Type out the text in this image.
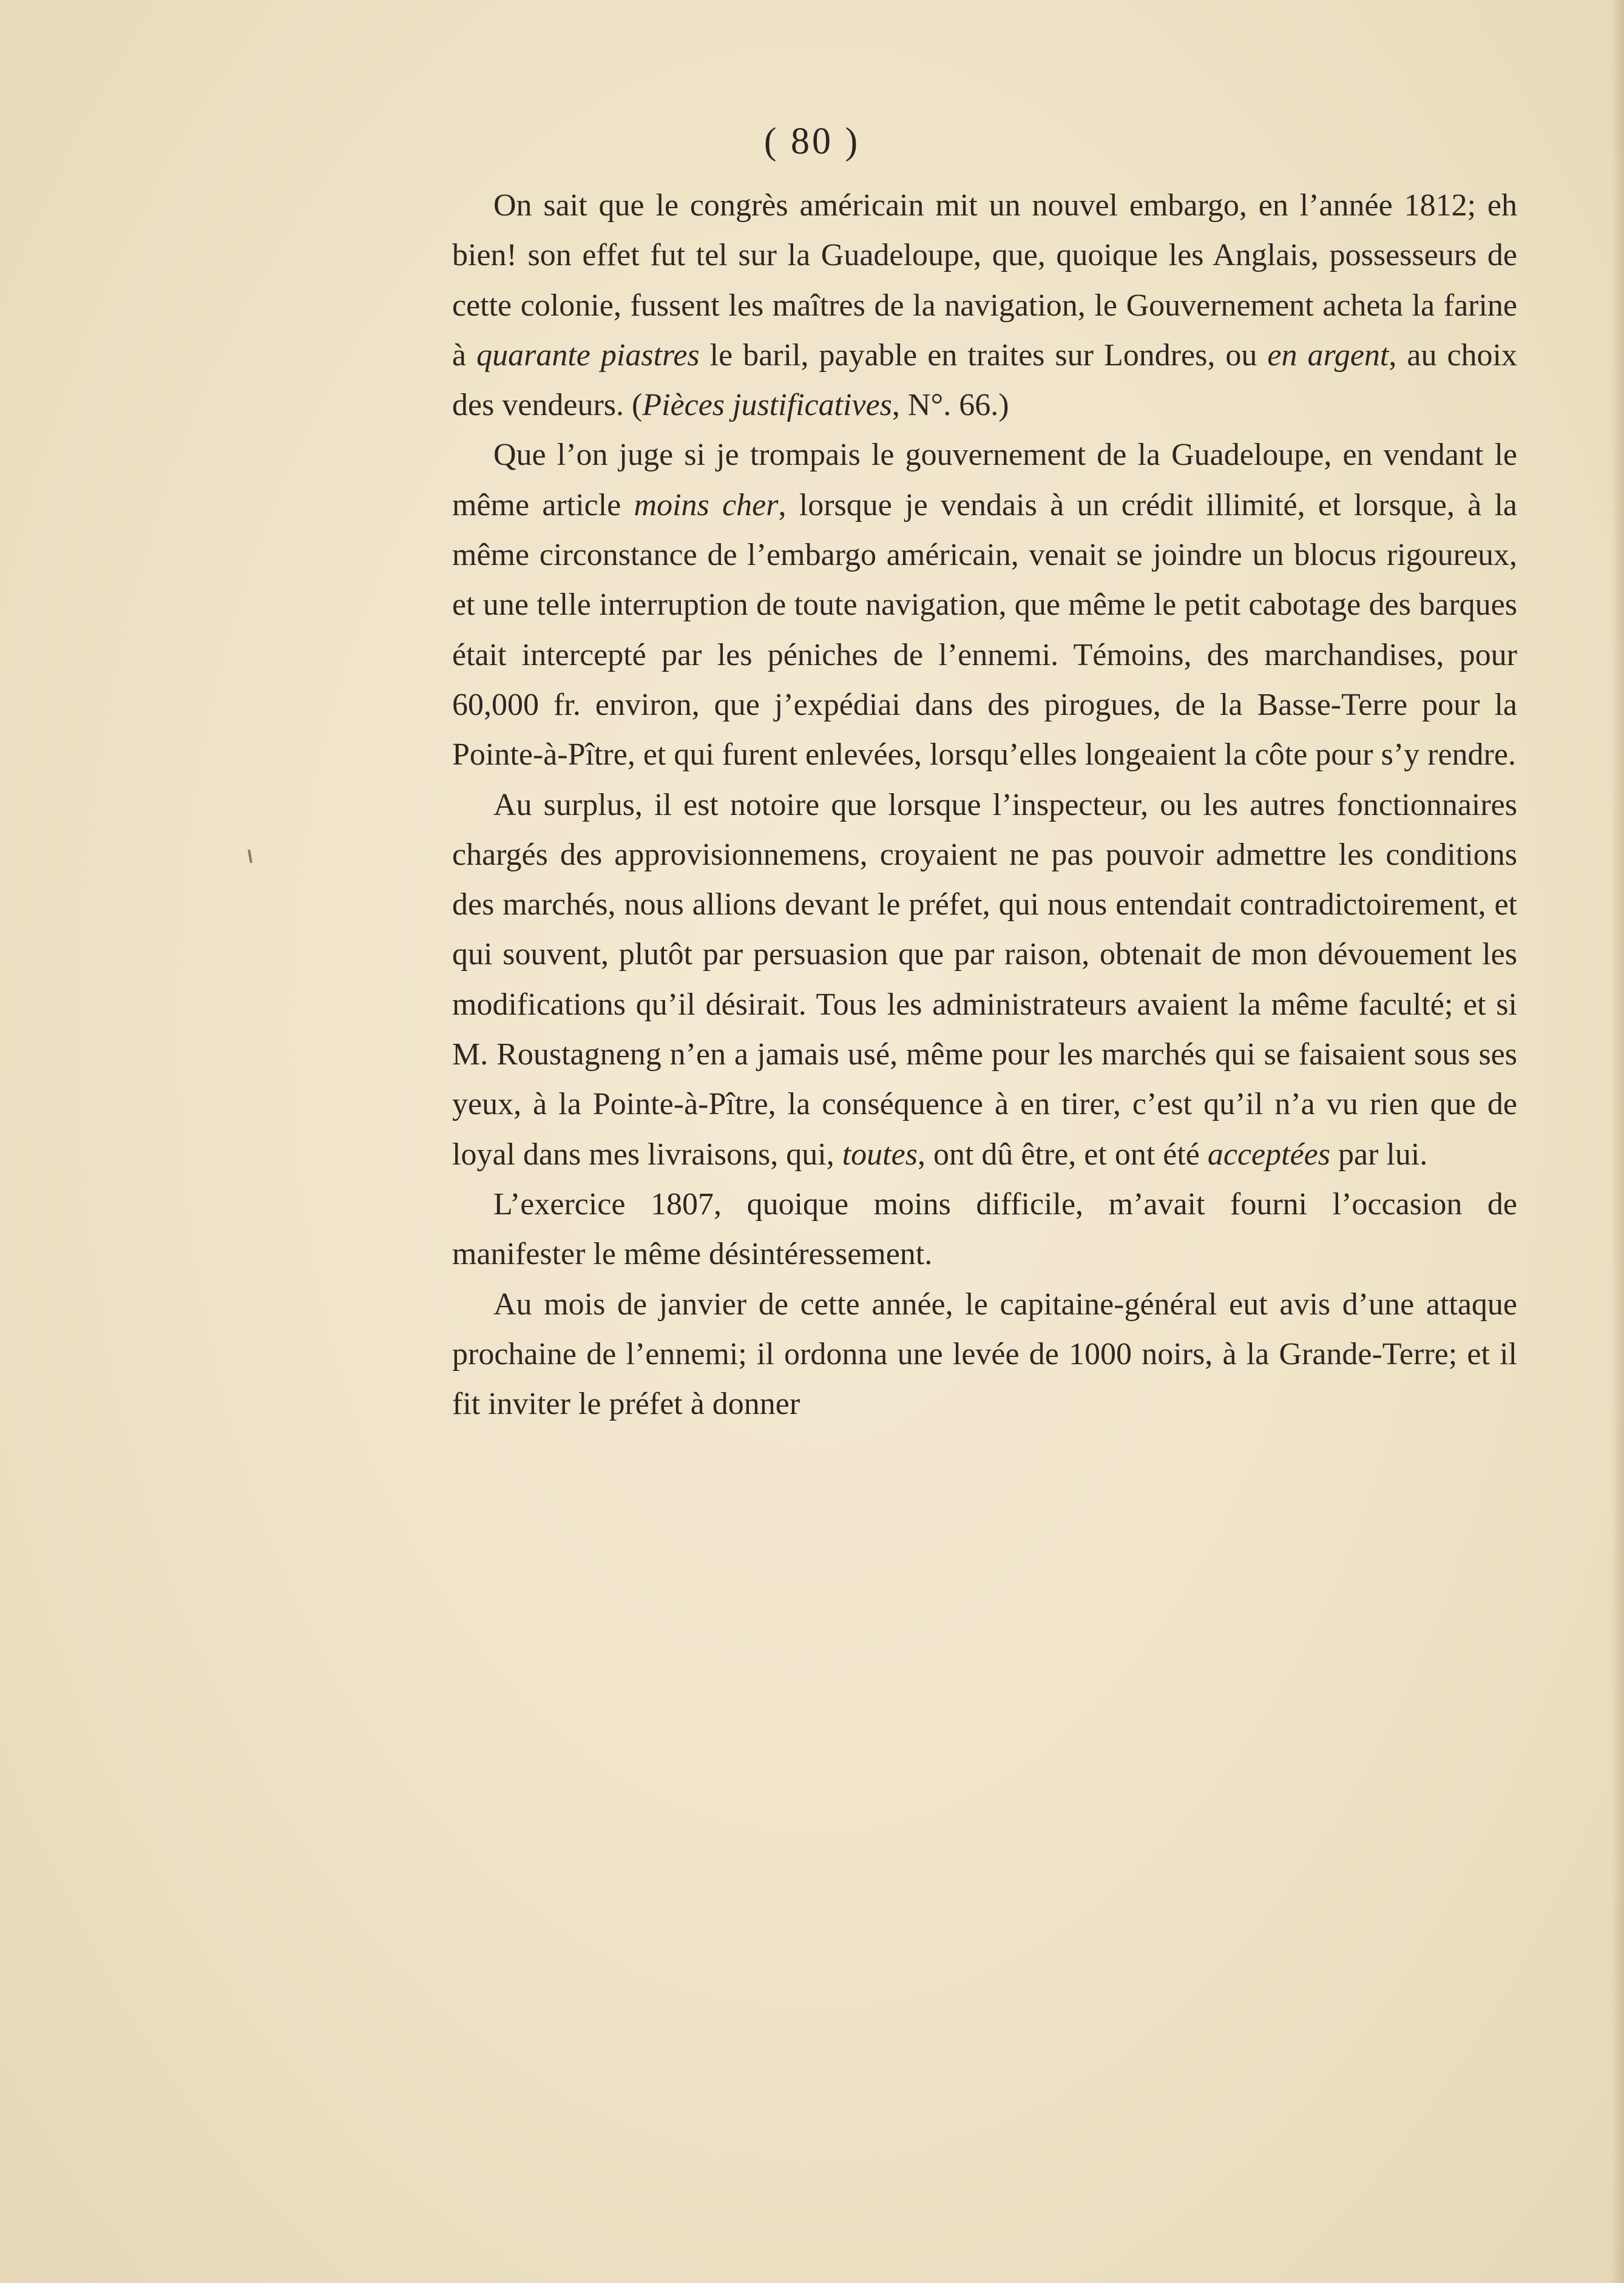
( 80 )

On sait que le congrès américain mit un nouvel embargo, en l’année 1812; eh bien! son effet fut tel sur la Guadeloupe, que, quoique les Anglais, possesseurs de cette colonie, fussent les maîtres de la navigation, le Gouvernement acheta la farine à quarante piastres le baril, payable en traites sur Londres, ou en argent, au choix des vendeurs. (Pièces justificatives, N°. 66.)

Que l’on juge si je trompais le gouvernement de la Guadeloupe, en vendant le même article moins cher, lorsque je vendais à un crédit illimité, et lorsque, à la même circonstance de l’embargo américain, venait se joindre un blocus rigoureux, et une telle interruption de toute navigation, que même le petit cabotage des barques était intercepté par les péniches de l’ennemi. Témoins, des marchandises, pour 60,000 fr. environ, que j’expédiai dans des pirogues, de la Basse-Terre pour la Pointe-à-Pître, et qui furent enlevées, lorsqu’elles longeaient la côte pour s’y rendre.

Au surplus, il est notoire que lorsque l’inspecteur, ou les autres fonctionnaires chargés des approvisionnemens, croyaient ne pas pouvoir admettre les conditions des marchés, nous allions devant le préfet, qui nous entendait contradictoirement, et qui souvent, plutôt par persuasion que par raison, obtenait de mon dévouement les modifications qu’il désirait. Tous les administrateurs avaient la même faculté; et si M. Roustagneng n’en a jamais usé, même pour les marchés qui se faisaient sous ses yeux, à la Pointe-à-Pître, la conséquence à en tirer, c’est qu’il n’a vu rien que de loyal dans mes livraisons, qui, toutes, ont dû être, et ont été acceptées par lui.

L’exercice 1807, quoique moins difficile, m’avait fourni l’occasion de manifester le même désintéressement.

Au mois de janvier de cette année, le capitaine-général eut avis d’une attaque prochaine de l’ennemi; il ordonna une levée de 1000 noirs, à la Grande-Terre; et il fit inviter le préfet à donner
